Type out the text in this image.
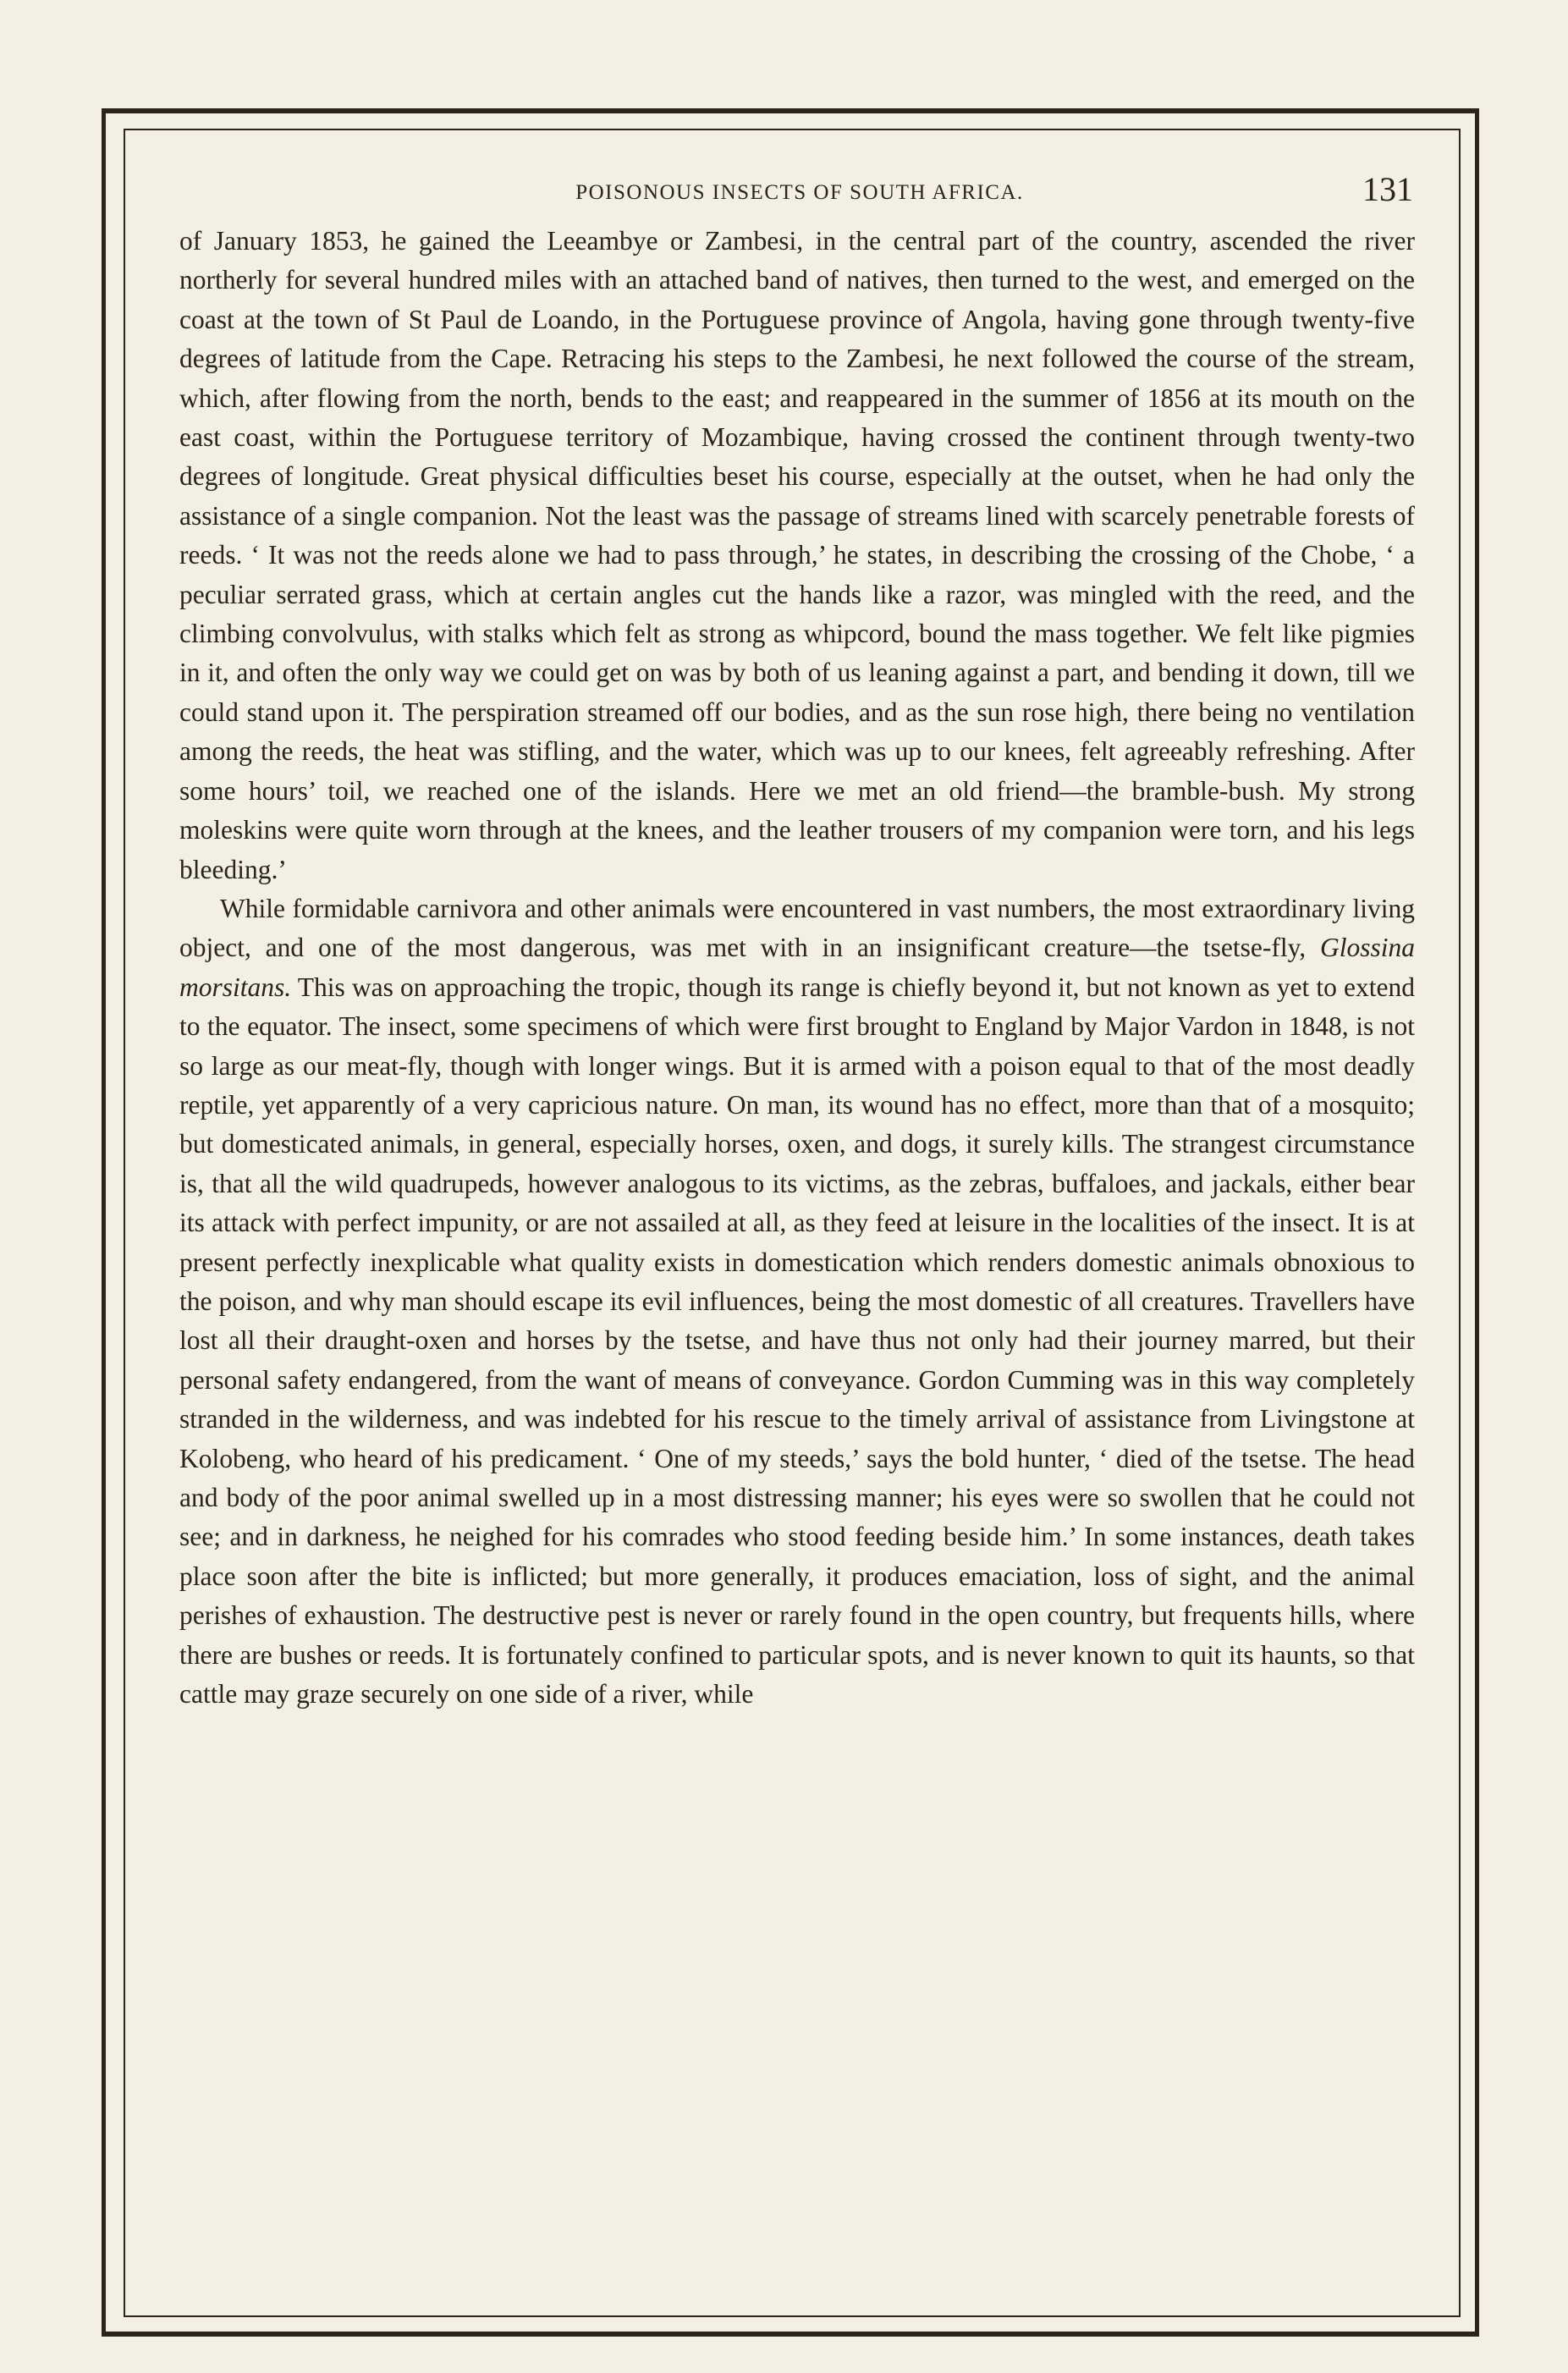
POISONOUS INSECTS OF SOUTH AFRICA.	131

of January 1853, he gained the Leeambye or Zambesi, in the central part of the country, ascended the river northerly for several hundred miles with an attached band of natives, then turned to the west, and emerged on the coast at the town of St Paul de Loando, in the Portuguese province of Angola, having gone through twenty-five degrees of latitude from the Cape. Retracing his steps to the Zambesi, he next followed the course of the stream, which, after flowing from the north, bends to the east; and reappeared in the summer of 1856 at its mouth on the east coast, within the Portuguese territory of Mozambique, having crossed the continent through twenty-two degrees of longitude. Great physical difficulties beset his course, especially at the outset, when he had only the assistance of a single companion. Not the least was the passage of streams lined with scarcely penetrable forests of reeds. ‘ It was not the reeds alone we had to pass through,’ he states, in describing the crossing of the Chobe, ‘ a peculiar serrated grass, which at certain angles cut the hands like a razor, was mingled with the reed, and the climbing convolvulus, with stalks which felt as strong as whipcord, bound the mass together. We felt like pigmies in it, and often the only way we could get on was by both of us leaning against a part, and bending it down, till we could stand upon it. The perspiration streamed off our bodies, and as the sun rose high, there being no ventilation among the reeds, the heat was stifling, and the water, which was up to our knees, felt agreeably refreshing. After some hours’ toil, we reached one of the islands. Here we met an old friend—the bramble-bush. My strong moleskins were quite worn through at the knees, and the leather trousers of my companion were torn, and his legs bleeding.’

While formidable carnivora and other animals were encountered in vast numbers, the most extraordinary living object, and one of the most dangerous, was met with in an insignificant creature—the tsetse-fly, Glossina morsitans. This was on approaching the tropic, though its range is chiefly beyond it, but not known as yet to extend to the equator. The insect, some specimens of which were first brought to England by Major Vardon in 1848, is not so large as our meat-fly, though with longer wings. But it is armed with a poison equal to that of the most deadly reptile, yet apparently of a very capricious nature. On man, its wound has no effect, more than that of a mosquito; but domesticated animals, in general, especially horses, oxen, and dogs, it surely kills. The strangest circumstance is, that all the wild quadrupeds, however analogous to its victims, as the zebras, buffaloes, and jackals, either bear its attack with perfect impunity, or are not assailed at all, as they feed at leisure in the localities of the insect. It is at present perfectly inexplicable what quality exists in domestication which renders domestic animals obnoxious to the poison, and why man should escape its evil influences, being the most domestic of all creatures. Travellers have lost all their draught-oxen and horses by the tsetse, and have thus not only had their journey marred, but their personal safety endangered, from the want of means of conveyance. Gordon Cumming was in this way completely stranded in the wilderness, and was indebted for his rescue to the timely arrival of assistance from Livingstone at Kolobeng, who heard of his predicament. ‘ One of my steeds,’ says the bold hunter, ‘ died of the tsetse. The head and body of the poor animal swelled up in a most distressing manner; his eyes were so swollen that he could not see; and in darkness, he neighed for his comrades who stood feeding beside him.’ In some instances, death takes place soon after the bite is inflicted; but more generally, it produces emaciation, loss of sight, and the animal perishes of exhaustion. The destructive pest is never or rarely found in the open country, but frequents hills, where there are bushes or reeds. It is fortunately confined to particular spots, and is never known to quit its haunts, so that cattle may graze securely on one side of a river, while
